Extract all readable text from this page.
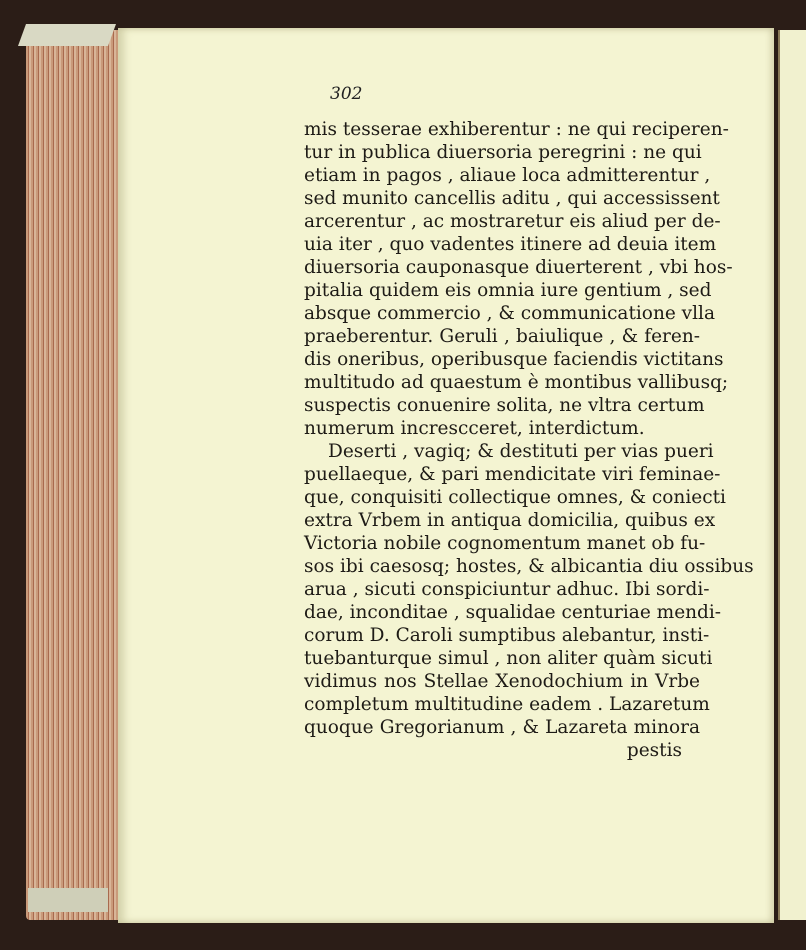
302
mis tesserae exhiberentur : ne qui reciperen-
tur in publica diuersoria peregrini : ne qui
etiam in pagos , aliaue loca admitterentur ,
sed munito cancellis aditu , qui accessissent
arcerentur , ac mostraretur eis aliud per de-
uia iter , quo vadentes itinere ad deuia item
diuersoria cauponasque diuerterent , vbi hos-
pitalia quidem eis omnia iure gentium , sed
absque commercio , & communicatione vlla
praeberentur. Geruli , baiulique , & feren-
dis oneribus, operibusque faciendis victitans
multitudo ad quaestum è montibus vallibusq;
suspectis conuenire solita, ne vltra certum
numerum increscceret, interdictum.
Deserti , vagiq; & destituti per vias pueri
puellaeque, & pari mendicitate viri feminae-
que, conquisiti collectique omnes, & coniecti
extra Vrbem in antiqua domicilia, quibus ex
Victoria nobile cognomentum manet ob fu-
sos ibi caesosq; hostes, & albicantia diu ossibus
arua , sicuti conspiciuntur adhuc. Ibi sordi-
dae, inconditae , squalidae centuriae mendi-
corum D. Caroli sumptibus alebantur, insti-
tuebanturque simul , non aliter quàm sicuti
vidimus nos Stellae Xenodochium in Vrbe
completum multitudine eadem . Lazaretum
quoque Gregorianum , & Lazareta minora
pestis
